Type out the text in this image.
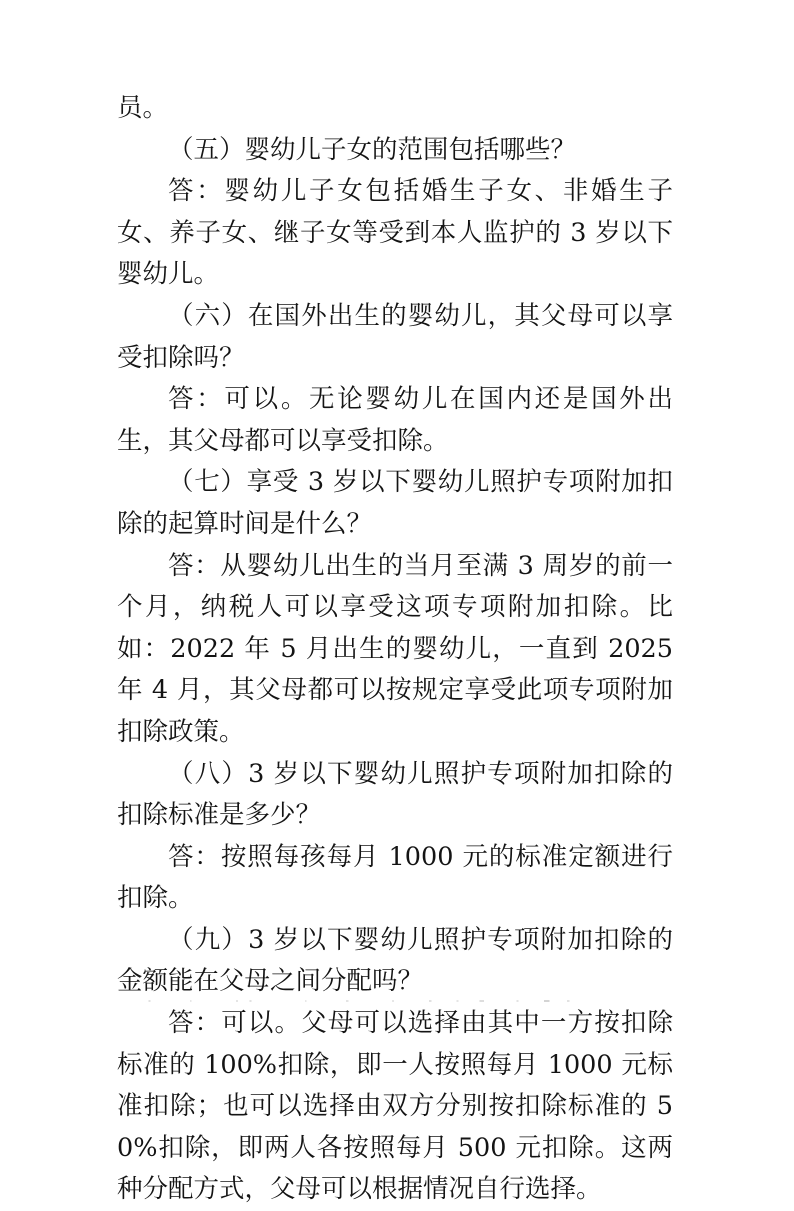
员。

（五）婴幼儿子女的范围包括哪些？

答：婴幼儿子女包括婚生子女、非婚生子女、养子女、继子女等受到本人监护的 3 岁以下婴幼儿。

（六）在国外出生的婴幼儿，其父母可以享受扣除吗？

答：可以。无论婴幼儿在国内还是国外出生，其父母都可以享受扣除。

（七）享受 3 岁以下婴幼儿照护专项附加扣除的起算时间是什么？

答：从婴幼儿出生的当月至满 3 周岁的前一个月，纳税人可以享受这项专项附加扣除。比如：2022 年 5 月出生的婴幼儿，一直到 2025 年 4 月，其父母都可以按规定享受此项专项附加扣除政策。

（八）3 岁以下婴幼儿照护专项附加扣除的扣除标准是多少？

答：按照每孩每月 1000 元的标准定额进行扣除。

（九）3 岁以下婴幼儿照护专项附加扣除的金额能在父母之间分配吗？

答：可以。父母可以选择由其中一方按扣除标准的 100%扣除，即一人按照每月 1000 元标准扣除；也可以选择由双方分别按扣除标准的 50%扣除，即两人各按照每月 500 元扣除。这两种分配方式，父母可以根据情况自行选择。
